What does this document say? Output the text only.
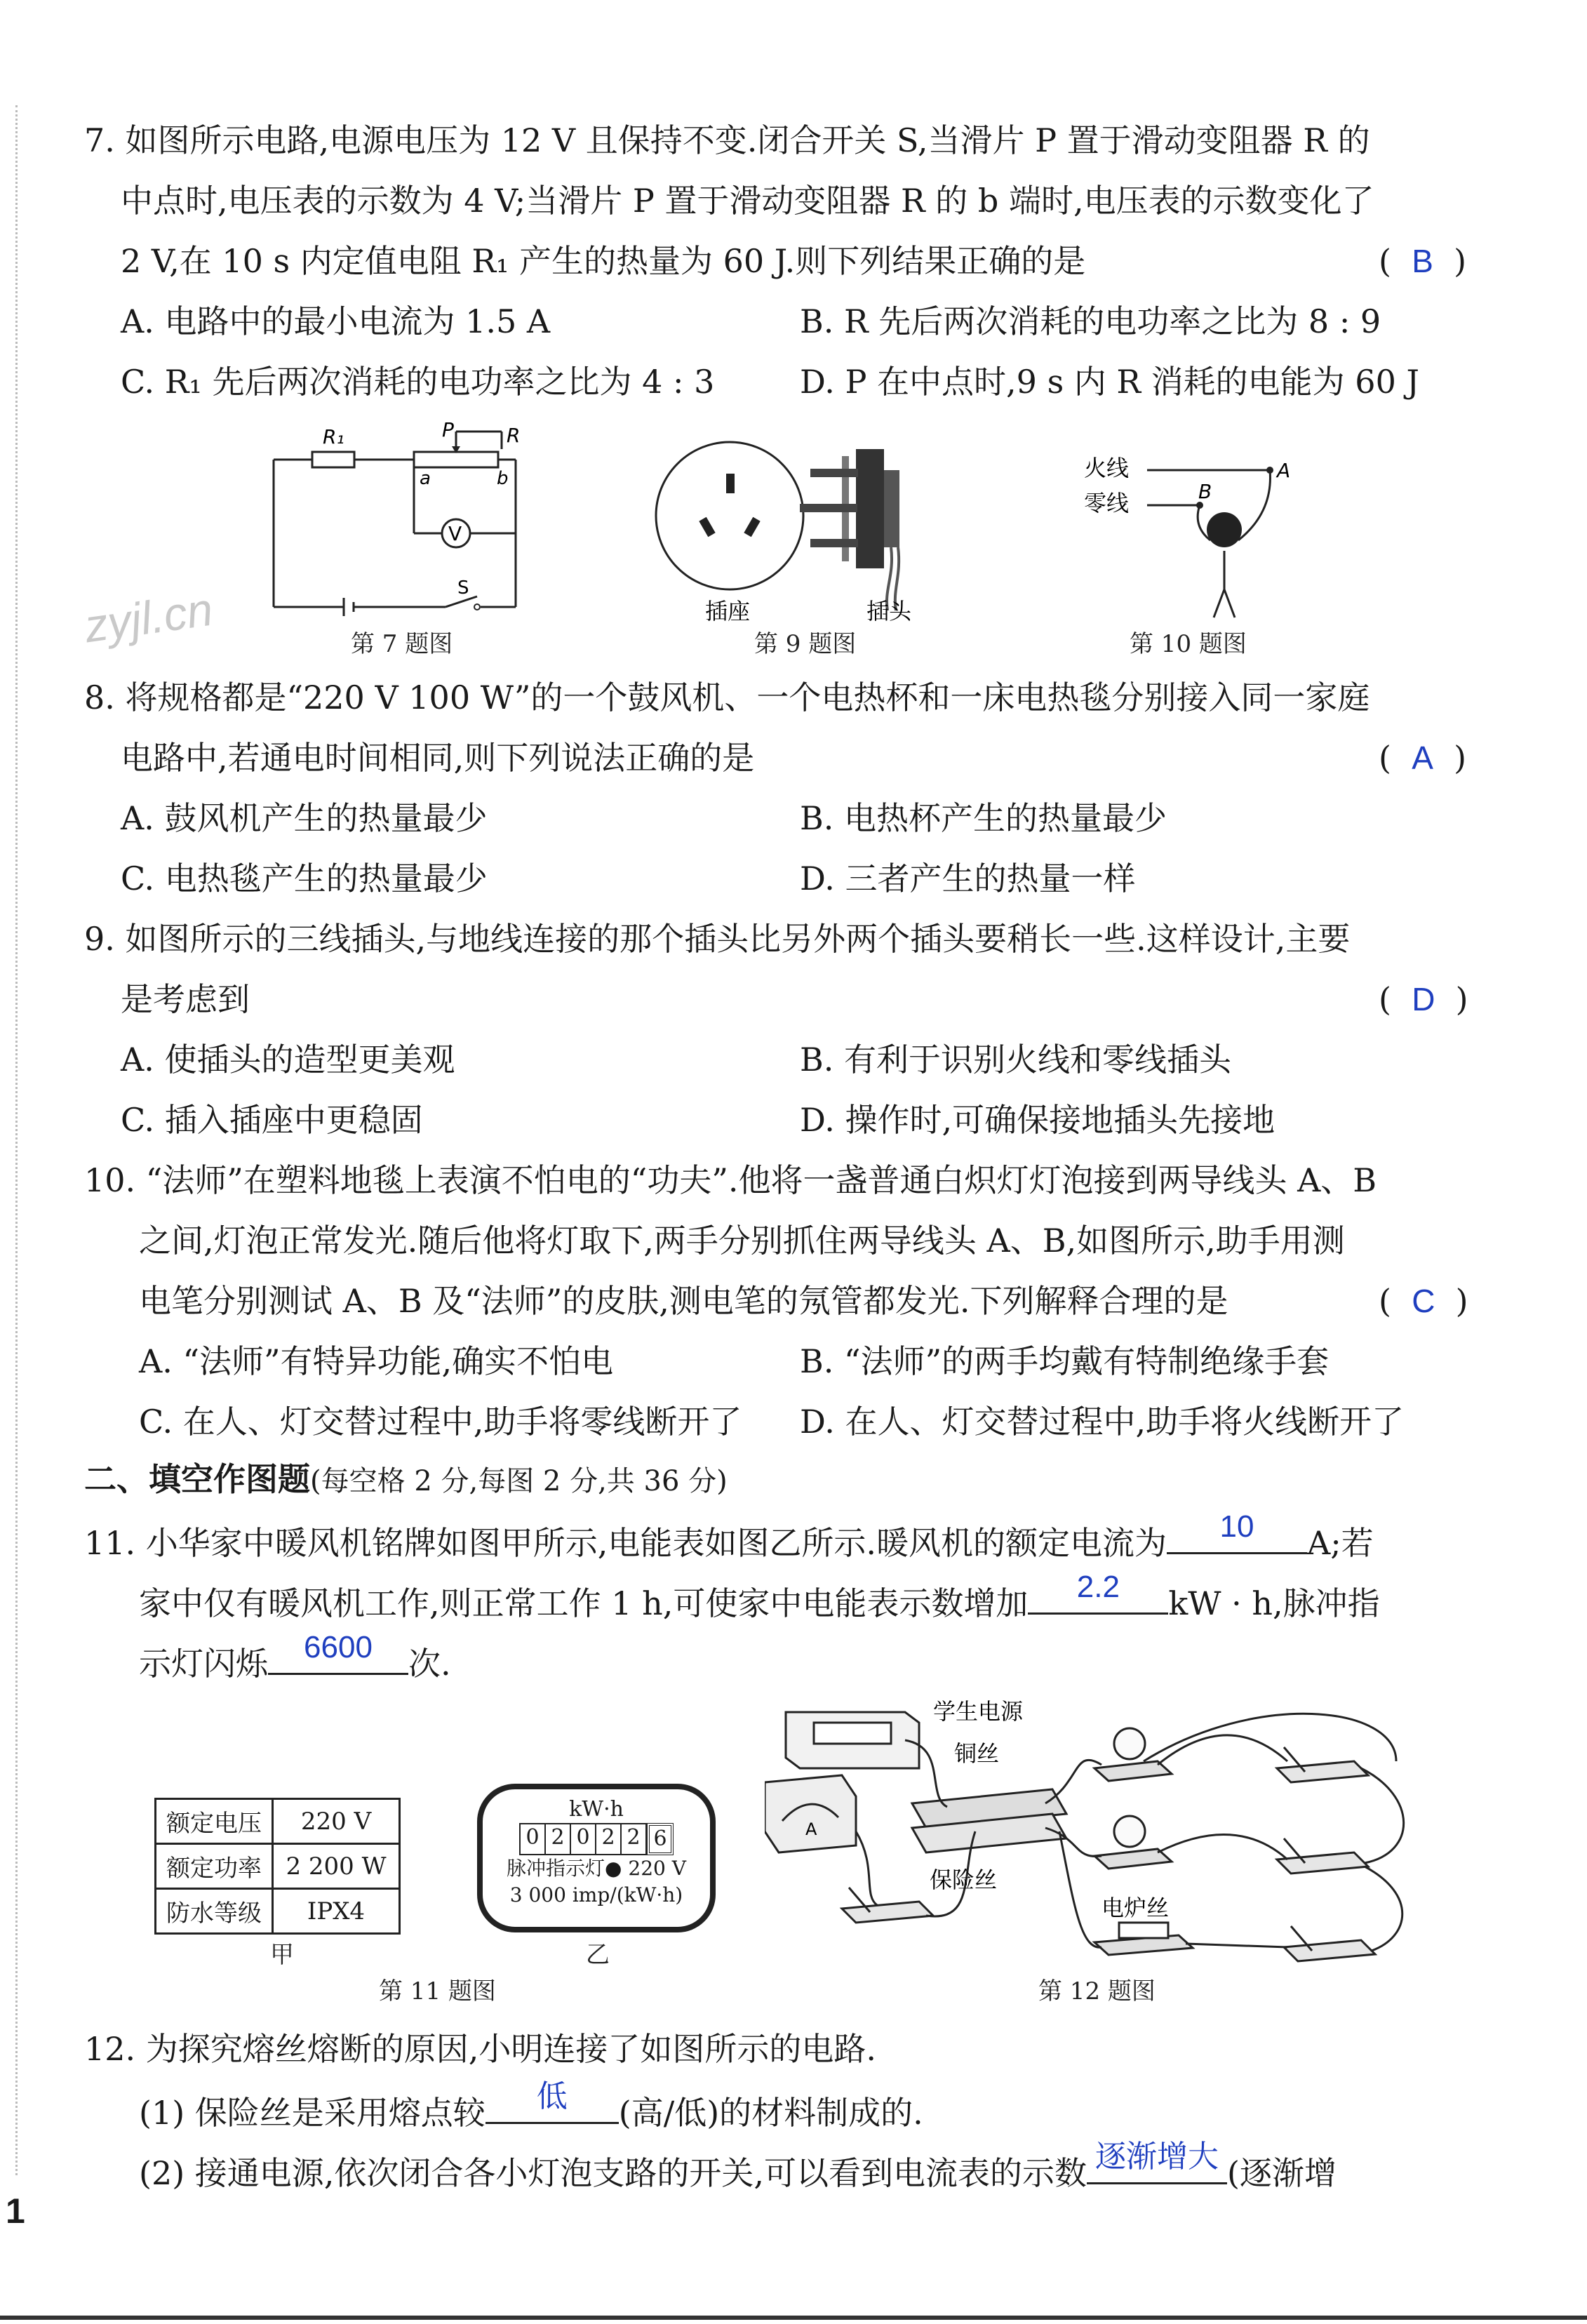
7. 如图所示电路,电源电压为 12 V 且保持不变.闭合开关 S,当滑片 P 置于滑动变阻器 R 的
中点时,电压表的示数为 4 V;当滑片 P 置于滑动变阻器 R 的 b 端时,电压表的示数变化了
2 V,在 10 s 内定值电阻 R₁ 产生的热量为 60 J.则下列结果正确的是	(  B  )
A. 电路中的最小电流为 1.5 A	B. R 先后两次消耗的电功率之比为 8 : 9
C. R₁ 先后两次消耗的电功率之比为 4 : 3	D. P 在中点时,9 s 内 R 消耗的电能为 60 J
R₁	P	R
a	b
V
S
zyjl.cn	第 7 题图
插座	插头
第 9 题图
火线
零线
A
B
第 10 题图
8. 将规格都是“220 V 100 W”的一个鼓风机、一个电热杯和一床电热毯分别接入同一家庭
电路中,若通电时间相同,则下列说法正确的是	(  A  )
A. 鼓风机产生的热量最少	B. 电热杯产生的热量最少
C. 电热毯产生的热量最少	D. 三者产生的热量一样
9. 如图所示的三线插头,与地线连接的那个插头比另外两个插头要稍长一些.这样设计,主要
是考虑到	(  D  )
A. 使插头的造型更美观	B. 有利于识别火线和零线插头
C. 插入插座中更稳固	D. 操作时,可确保接地插头先接地
10. “法师”在塑料地毯上表演不怕电的“功夫”.他将一盏普通白炽灯灯泡接到两导线头 A、B
之间,灯泡正常发光.随后他将灯取下,两手分别抓住两导线头 A、B,如图所示,助手用测
电笔分别测试 A、B 及“法师”的皮肤,测电笔的氖管都发光.下列解释合理的是	(  C  )
A. “法师”有特异功能,确实不怕电	B. “法师”的两手均戴有特制绝缘手套
C. 在人、灯交替过程中,助手将零线断开了 D. 在人、灯交替过程中,助手将火线断开了
二、填空作图题(每空格 2 分,每图 2 分,共 36 分)
11. 小华家中暖风机铭牌如图甲所示,电能表如图乙所示.暖风机的额定电流为	10	A;若
家中仅有暖风机工作,则正常工作 1 h,可使家中电能表示数增加	2.2	kW · h,脉冲指
示灯闪烁	6600	次.
额定电压	220 V
额定功率	2 200 W
防水等级	IPX4
甲
kW·h
0 2 0 2 2 6
脉冲指示灯● 220 V
3 000 imp/(kW·h)
乙
第 11 题图
学生电源
铜丝
保险丝
电炉丝
A
第 12 题图
12. 为探究熔丝熔断的原因,小明连接了如图所示的电路.
(1) 保险丝是采用熔点较	低	(高/低)的材料制成的.
(2) 接通电源,依次闭合各小灯泡支路的开关,可以看到电流表的示数 逐渐增大 (逐渐增
1
